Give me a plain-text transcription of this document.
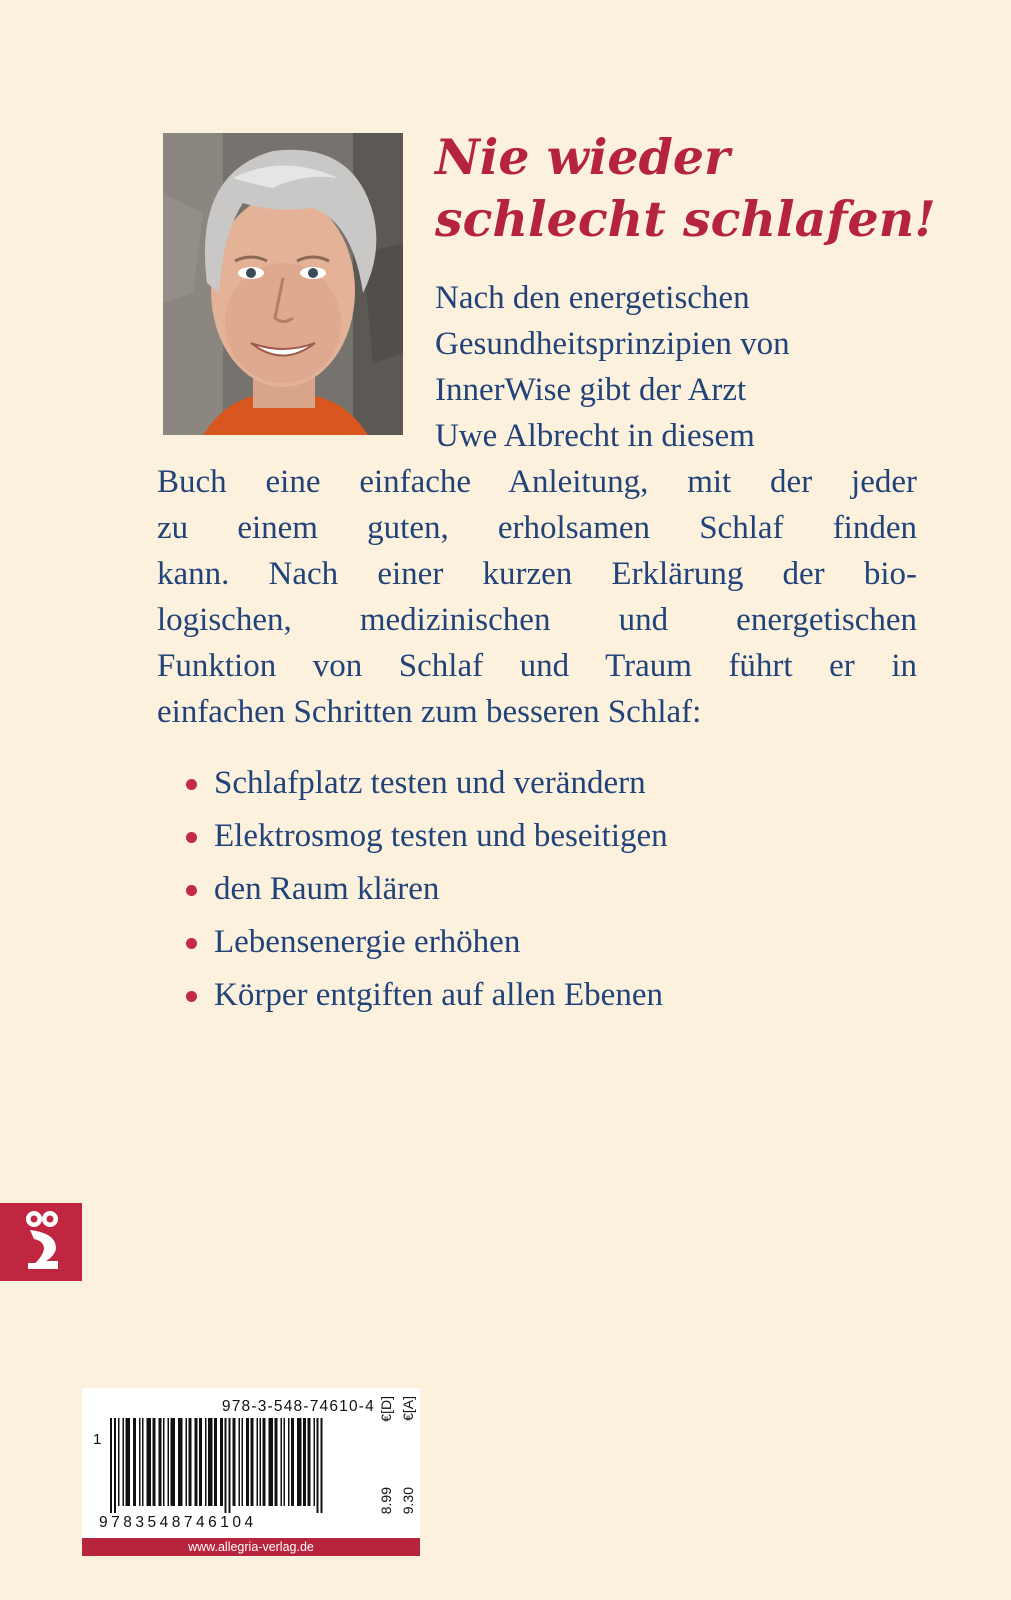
Nie wieder
schlecht schlafen!
Nach den energetischen
Gesundheitsprinzipien von
InnerWise gibt der Arzt
Uwe Albrecht in diesem
Buch eine einfache Anleitung, mit der jeder
zu einem guten, erholsamen Schlaf finden
kann. Nach einer kurzen Erklärung der bio-
logischen, medizinischen und energetischen
Funktion von Schlaf und Traum führt er in
einfachen Schritten zum besseren Schlaf:
Schlafplatz testen und verändern
Elektrosmog testen und beseitigen
den Raum klären
Lebensenergie erhöhen
Körper entgiften auf allen Ebenen
978-3-548-74610-4
1
9783548746104
€[D]
8.99
€[A]
9.30
www.allegria-verlag.de
